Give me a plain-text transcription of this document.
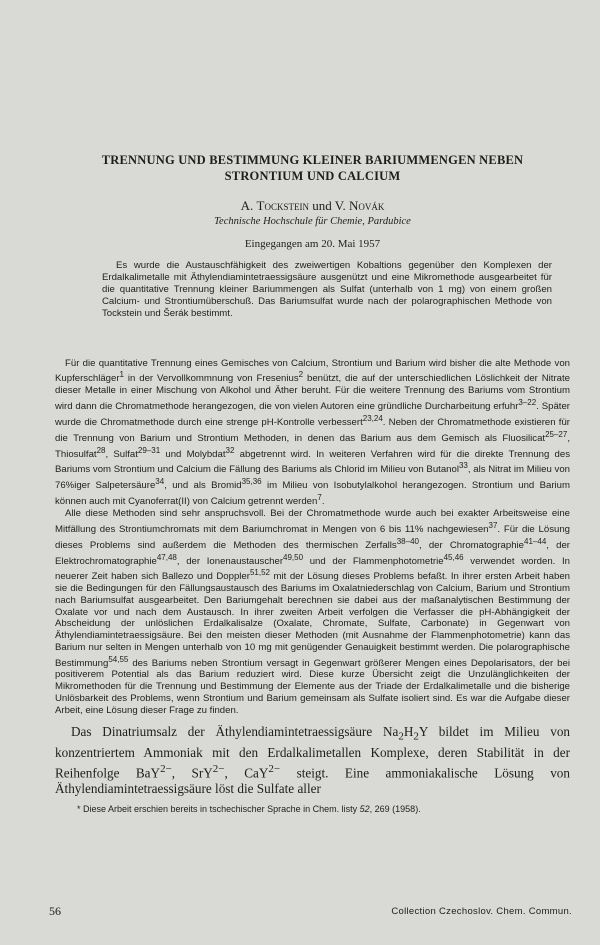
TRENNUNG UND BESTIMMUNG KLEINER BARIUMMENGEN NEBEN
STRONTIUM UND CALCIUM
A. Tockstein und V. Novák
Technische Hochschule für Chemie, Pardubice
Eingegangen am 20. Mai 1957

Es wurde die Austauschfähigkeit des zweiwertigen Kobaltions gegenüber den Komplexen der Erdalkalimetalle mit Äthylendiamintetraessigsäure ausgenützt und eine Mikromethode ausgearbeitet für die quantitative Trennung kleiner Bariummengen als Sulfat (unterhalb von 1 mg) von einem großen Calcium- und Strontiumüberschuß. Das Bariumsulfat wurde nach der polarographischen Methode von Tockstein und Šerák bestimmt.

Für die quantitative Trennung eines Gemisches von Calcium, Strontium und Barium wird bisher die alte Methode von Kupferschläger$^1$ in der Vervollkommnung von Fresenius$^2$ benützt, die auf der unterschiedlichen Löslichkeit der Nitrate dieser Metalle in einer Mischung von Alkohol und Äther beruht. Für die weitere Trennung des Bariums vom Strontium wird dann die Chromatmethode herangezogen, die von vielen Autoren eine gründliche Durcharbeitung erfuhr$^{3-22}$. Später wurde die Chromatmethode durch eine strenge pH-Kontrolle verbessert$^{23,24}$. Neben der Chromatmethode existieren für die Trennung von Barium und Strontium Methoden, in denen das Barium aus dem Gemisch als Fluosilicat$^{25-27}$, Thiosulfat$^{28}$, Sulfat$^{29-31}$ und Molybdat$^{32}$ abgetrennt wird. In weiteren Verfahren wird für die direkte Trennung des Bariums vom Strontium und Calcium die Fällung des Bariums als Chlorid im Milieu von Butanol$^{33}$, als Nitrat im Milieu von 76%iger Salpetersäure$^{34}$, und als Bromid$^{35,36}$ im Milieu von Isobutylalkohol herangezogen. Strontium und Barium können auch mit Cyanoferrat(II) von Calcium getrennt werden$^7$.

Alle diese Methoden sind sehr anspruchsvoll. Bei der Chromatmethode wurde auch bei exakter Arbeitsweise eine Mitfällung des Strontiumchromats mit dem Bariumchromat in Mengen von 6 bis 11% nachgewiesen$^{37}$. Für die Lösung dieses Problems sind außerdem die Methoden des thermischen Zerfalls$^{38-40}$, der Chromatographie$^{41-44}$, der Elektrochromatographie$^{47,48}$, der Ionenaustauscher$^{49,50}$ und der Flammenphotometrie$^{45,46}$ verwendet worden. In neuerer Zeit haben sich Ballezo und Doppler$^{51,52}$ mit der Lösung dieses Problems befaßt. In ihrer ersten Arbeit haben sie die Bedingungen für den Fällungsaustausch des Bariums im Oxalatniederschlag von Calcium, Barium und Strontium nach Bariumsulfat ausgearbeitet. Den Bariumgehalt berechnen sie dabei aus der maßanalytischen Bestimmung der Oxalate vor und nach dem Austausch. In ihrer zweiten Arbeit verfolgen die Verfasser die pH-Abhängigkeit der Abscheidung der unlöslichen Erdalkalisalze (Oxalate, Chromate, Sulfate, Carbonate) in Gegenwart von Äthylendiamintetraessigsäure. Bei den meisten dieser Methoden (mit Ausnahme der Flammenphotometrie) kann das Barium nur selten in Mengen unterhalb von 10 mg mit genügender Genauigkeit bestimmt werden. Die polarographische Bestimmung$^{54,55}$ des Bariums neben Strontium versagt in Gegenwart größerer Mengen eines Depolarisators, der bei positiverem Potential als das Barium reduziert wird. Diese kurze Übersicht zeigt die Unzulänglichkeiten der Mikromethoden für die Trennung und Bestimmung der Elemente aus der Triade der Erdalkalimetalle und die bisherige Unlösbarkeit des Problems, wenn Strontium und Barium gemeinsam als Sulfate isoliert sind. Es war die Aufgabe dieser Arbeit, eine Lösung dieser Frage zu finden.

Das Dinatriumsalz der Äthylendiamintetraessigsäure $Na_2H_2Y$ bildet im Milieu von konzentriertem Ammoniak mit den Erdalkalimetallen Komplexe, deren Stabilität in der Reihenfolge BaY$^{2-}$, SrY$^{2-}$, CaY$^{2-}$ steigt. Eine ammoniakalische Lösung von Äthylendiamintetraessigsäure löst die Sulfate aller

* Diese Arbeit erschien bereits in tschechischer Sprache in Chem. listy 52, 269 (1958).
56	Collection Czechoslov. Chem. Commun.
